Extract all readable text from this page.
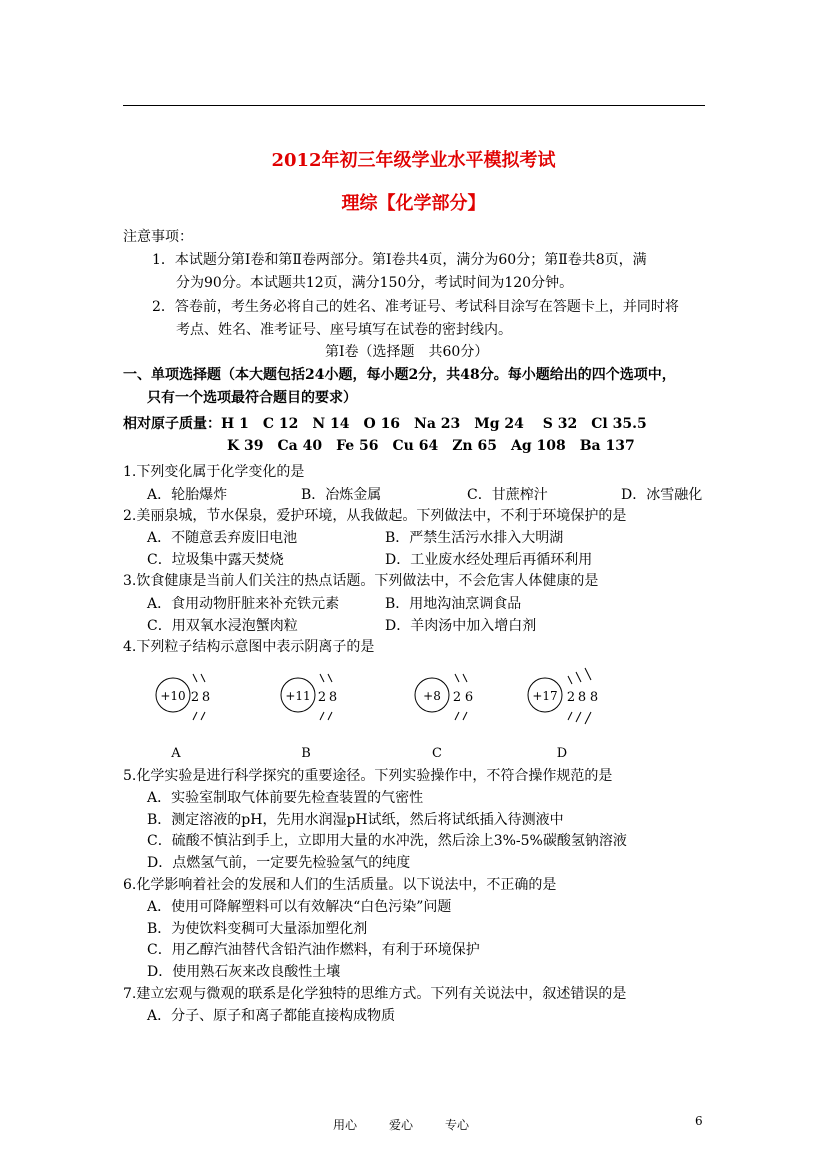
2012年初三年级学业水平模拟考试
理综【化学部分】
注意事项：
1．本试题分第Ⅰ卷和第Ⅱ卷两部分。第Ⅰ卷共4页，满分为60分；第Ⅱ卷共8页，满
分为90分。本试题共12页，满分150分，考试时间为120分钟。
2．答卷前，考生务必将自己的姓名、准考证号、考试科目涂写在答题卡上，并同时将
考点、姓名、准考证号、座号填写在试卷的密封线内。
第Ⅰ卷（选择题　共60分）
一、单项选择题（本大题包括24小题，每小题2分，共48分。每小题给出的四个选项中，
只有一个选项最符合题目的要求）
相对原子质量：H 1　C 12　N 14　O 16　Na 23　Mg 24　 S 32　Cl 35.5
K 39　Ca 40　Fe 56　Cu 64　Zn 65　Ag 108　Ba 137
1.下列变化属于化学变化的是
A．轮胎爆炸	B．冶炼金属	C．甘蔗榨汁	D．冰雪融化
2.美丽泉城，节水保泉，爱护环境，从我做起。下列做法中，不利于环境保护的是
A．不随意丢弃废旧电池	B．严禁生活污水排入大明湖
C．垃圾集中露天焚烧	D．工业废水经处理后再循环利用
3.饮食健康是当前人们关注的热点话题。下列做法中，不会危害人体健康的是
A．食用动物肝脏来补充铁元素	B．用地沟油烹调食品
C．用双氧水浸泡蟹肉粒	D．羊肉汤中加入增白剂
4.下列粒子结构示意图中表示阴离子的是
+10 2 8
A
+11 2 8
B
+8 2 6
C
+17 2 8 8
D
5.化学实验是进行科学探究的重要途径。下列实验操作中，不符合操作规范的是
A．实验室制取气体前要先检查装置的气密性
B．测定溶液的pH，先用水润湿pH试纸，然后将试纸插入待测液中
C．硫酸不慎沾到手上，立即用大量的水冲洗，然后涂上3%-5%碳酸氢钠溶液
D．点燃氢气前，一定要先检验氢气的纯度
6.化学影响着社会的发展和人们的生活质量。以下说法中，不正确的是
A．使用可降解塑料可以有效解决“白色污染”问题
B．为使饮料变稠可大量添加塑化剂
C．用乙醇汽油替代含铅汽油作燃料，有利于环境保护
D．使用熟石灰来改良酸性土壤
7.建立宏观与微观的联系是化学独特的思维方式。下列有关说法中，叙述错误的是
A．分子、原子和离子都能直接构成物质
用心	爱心	专心	6
